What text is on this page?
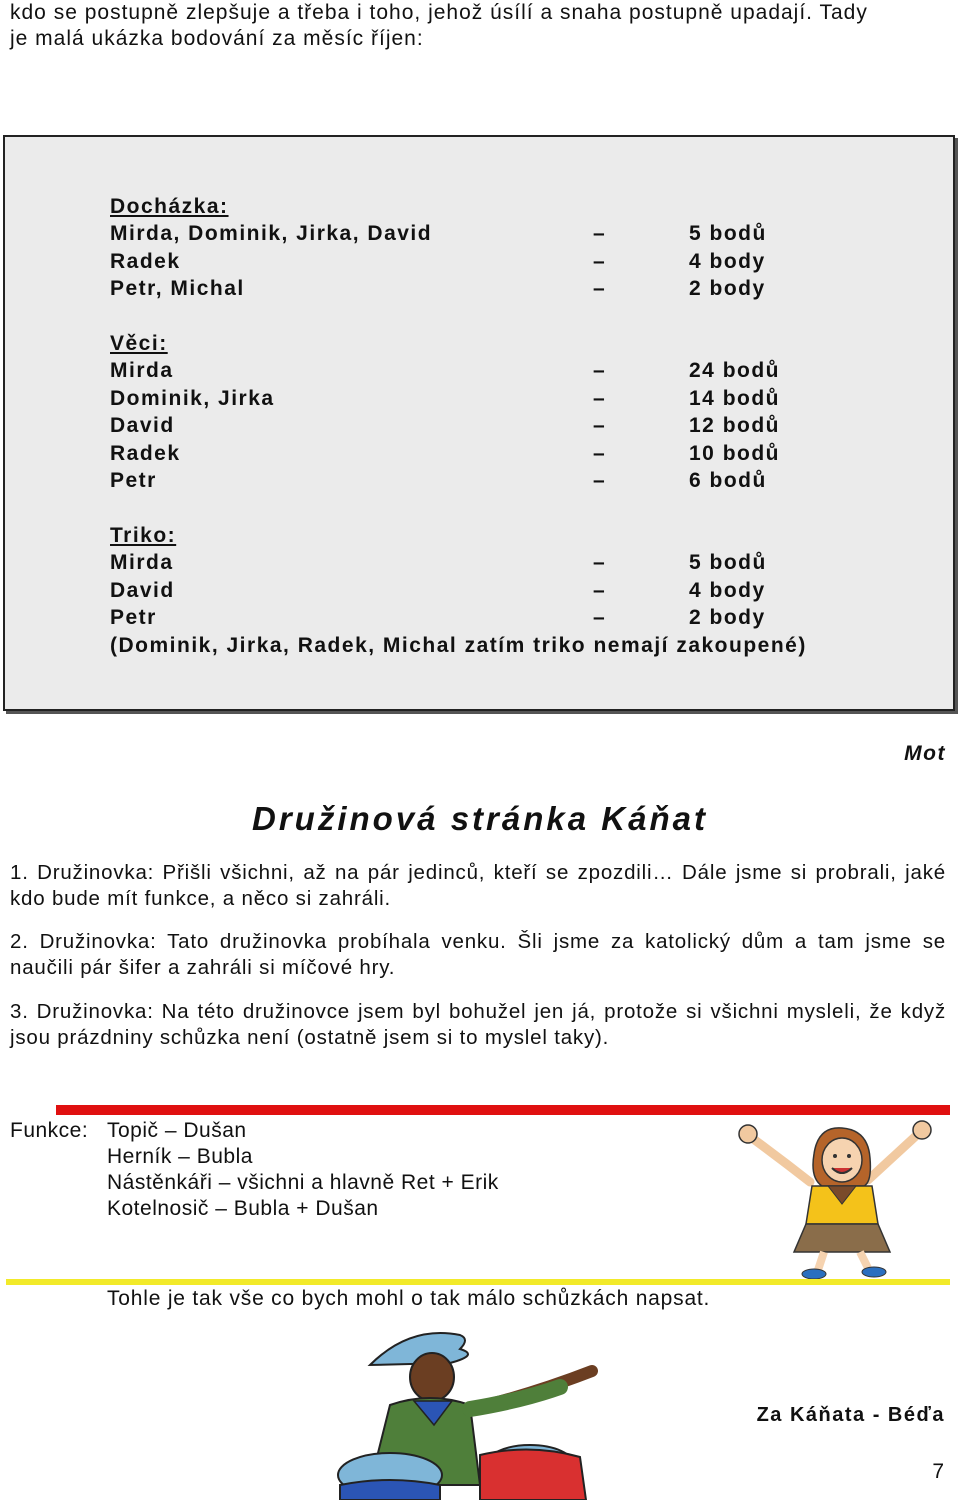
kdo se postupně zlepšuje a třeba i toho, jehož úsílí a snaha postupně upadají. Tady

je malá ukázka bodování za měsíc říjen:

Docházka:
Mirda, Dominik, Jirka, David	–	5 bodů
Radek	–	4 body
Petr, Michal	–	2 body
Věci:
Mirda	–	24 bodů
Dominik, Jirka	–	14 bodů
David	–	12 bodů
Radek	–	10 bodů
Petr	–	6 bodů
Triko:
Mirda	–	5 bodů
David	–	4 body
Petr	–	2 body
(Dominik, Jirka, Radek, Michal zatím triko nemají zakoupené)
Mot
Družinová stránka Káňat

1. Družinovka: Přišli všichni, až na pár jedinců, kteří se zpozdili… Dále jsme si probrali, jaké kdo bude mít funkce, a něco si zahráli.

2. Družinovka: Tato družinovka probíhala venku. Šli jsme za katolický dům a tam jsme se naučili pár šifer a zahráli si míčové hry.

3. Družinovka: Na této družinovce jsem byl bohužel jen já, protože si všichni mysleli, že když jsou prázdniny schůzka není (ostatně jsem si to myslel taky).

Funkce: Topič – Dušan
Herník – Bubla
Nástěnkáři – všichni a hlavně Ret + Erik
Kotelnosič – Bubla + Dušan
Tohle je tak vše co bych mohl o tak málo schůzkách napsat.
Za Káňata - Béďa
7
